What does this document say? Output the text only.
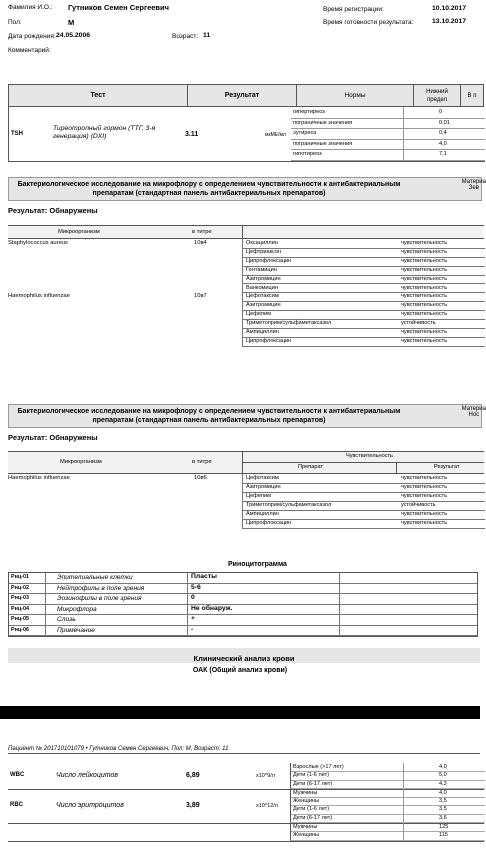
Фамилия И.О.: Гутников Семен Сергеевич
Пол:	М
Дата рождения: 24.05.2006	Возраст: 11
Комментарий:
Время регистрации:	10.10.2017
Время готовности результата:	13.10.2017
Тест	Результат	Нормы	Нижний предел	В п
TSH
Тиреотропный гормон (ТТГ, 3-я генерация) (DXI)	3.11	мкМЕ/мл
гипертиреоз	0
пограничные значения	0,01
эутиреоз	0,4
пограничные значения	4,0
гипотиреоз	7,1
Бактериологическое исследование на микрофлору с определением чувствительности к антибактериальным препаратам (стандартная панель антибактериальных препаратов)
Материа
Зев
Результат: Обнаружены
Микроорганизм	в титре
Staphylococcus aureus	10в4	Оксациллин	чувствительность
Цефтриаксон	чувствительность
Ципрофлоксацин	чувствительность
Гентамицин	чувствительность
Азитромицин	чувствительность
Ванкомицин	чувствительность
Haemophilus influenzae	10в7	Цефотаксим	чувствительность
Азитромицин	чувствительность
Цефепим	чувствительность
Триметоприм/сульфаметаксазол	устойчивость
Ампициллин	чувствительность
Ципрофлоксацин	чувствительность
Бактериологическое исследование на микрофлору с определением чувствительности к антибактериальным препаратам (стандартная панель антибактериальных препаратов)
Материа
Нос
Результат: Обнаружены
Микроорганизм	в титре
Чувствительность
Препарат	Результат
Haemophilus influenzae	10в6	Цефотаксим	чувствительность
Азитромицин	чувствительность
Цефепим	чувствительность
Триметоприм/сульфаметаксазол	устойчивость
Ампициллин	чувствительность
Ципрофлоксацин	чувствительность
Риноцитограмма
Рнц-01	Эпителиальные клетки	Пласты
Рнц-02	Нейтрофилы в поле зрения	5-6
Рнц-03	Эозинофилы в поле зрения	0
Рнц-04	Микрофлора	Не обнаруж.
Рнц-05	Слизь	+
Рнц-06	Примечание	-
Клинический анализ крови
ОАК (Общий анализ крови)
Пациент № 201710101079 • Гутников Семен Сергеевич, Пол: М, Возраст: 11
WBC	Число лейкоцитов	6,89	x10^9/л
Взрослые (>17 лет)	4,0
Дети (1-6 лет)	5,0
Дети (6-17 лет)	4,3
RBC	Число эритроцитов	3,89	x10^12/л
Мужчины	4,0
Женщины	3,5
Дети (1-6 лет)	3,5
Дети (6-17 лет)	3,6
Мужчины	125
Женщины	115
